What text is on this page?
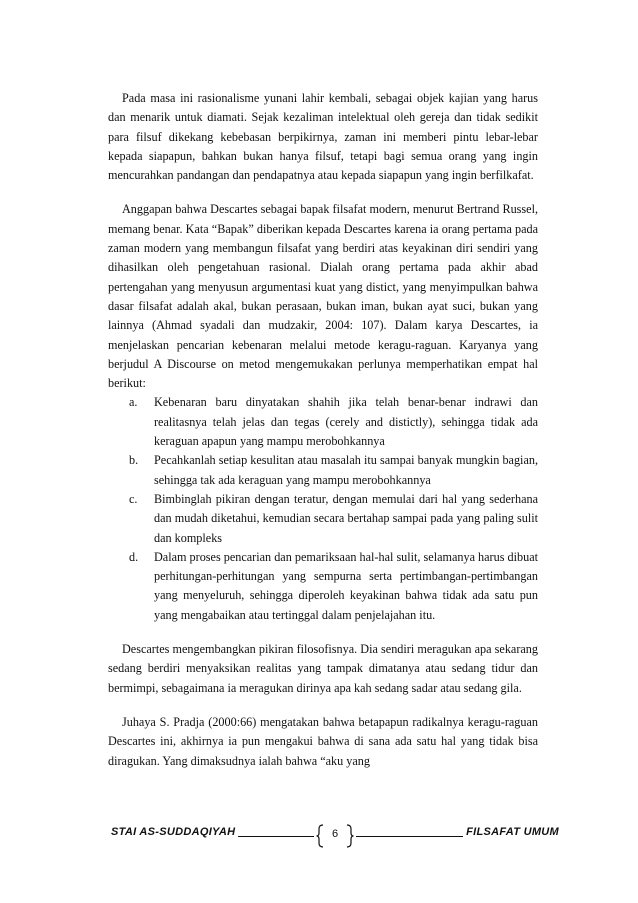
Pada masa ini rasionalisme yunani lahir kembali, sebagai objek kajian yang harus dan menarik untuk diamati. Sejak kezaliman intelektual oleh gereja dan tidak sedikit para filsuf dikekang kebebasan berpikirnya, zaman ini memberi pintu lebar-lebar kepada siapapun, bahkan bukan hanya filsuf, tetapi bagi semua orang yang ingin mencurahkan pandangan dan pendapatnya atau kepada siapapun yang ingin berfilkafat.

Anggapan bahwa Descartes sebagai bapak filsafat modern, menurut Bertrand Russel, memang benar. Kata “Bapak” diberikan kepada Descartes karena ia orang pertama pada zaman modern yang membangun filsafat yang berdiri atas keyakinan diri sendiri yang dihasilkan oleh pengetahuan rasional. Dialah orang pertama pada akhir abad pertengahan yang menyusun argumentasi kuat yang distict, yang menyimpulkan bahwa dasar filsafat adalah akal, bukan perasaan, bukan iman, bukan ayat suci, bukan yang lainnya (Ahmad syadali dan mudzakir, 2004: 107). Dalam karya Descartes, ia menjelaskan pencarian kebenaran melalui metode keragu-raguan. Karyanya yang berjudul A Discourse on metod mengemukakan perlunya memperhatikan empat hal berikut:

a. Kebenaran baru dinyatakan shahih jika telah benar-benar indrawi dan realitasnya telah jelas dan tegas (cerely and distictly), sehingga tidak ada keraguan apapun yang mampu merobohkannya
b. Pecahkanlah setiap kesulitan atau masalah itu sampai banyak mungkin bagian, sehingga tak ada keraguan yang mampu merobohkannya
c. Bimbinglah pikiran dengan teratur, dengan memulai dari hal yang sederhana dan mudah diketahui, kemudian secara bertahap sampai pada yang paling sulit dan kompleks
d. Dalam proses pencarian dan pemariksaan hal-hal sulit, selamanya harus dibuat perhitungan-perhitungan yang sempurna serta pertimbangan-pertimbangan yang menyeluruh, sehingga diperoleh keyakinan bahwa tidak ada satu pun yang mengabaikan atau tertinggal dalam penjelajahan itu.

Descartes mengembangkan pikiran filosofisnya. Dia sendiri meragukan apa sekarang sedang berdiri menyaksikan realitas yang tampak dimatanya atau sedang tidur dan bermimpi, sebagaimana ia meragukan dirinya apa kah sedang sadar atau sedang gila.

Juhaya S. Pradja (2000:66) mengatakan bahwa betapapun radikalnya keragu-raguan Descartes ini, akhirnya ia pun mengakui bahwa di sana ada satu hal yang tidak bisa diragukan. Yang dimaksudnya ialah bahwa “aku yang

STAI AS-SUDDAQIYAH	6	FILSAFAT UMUM
